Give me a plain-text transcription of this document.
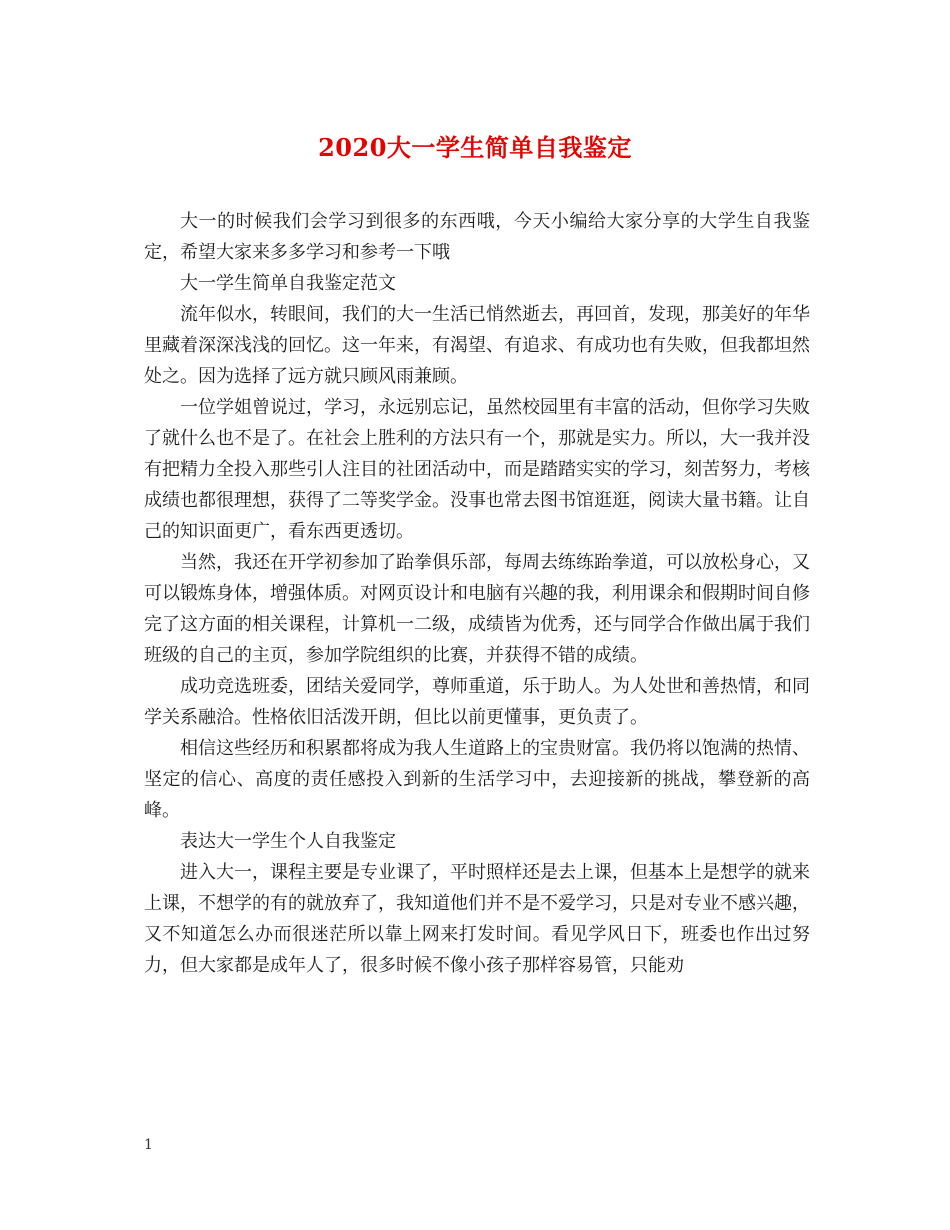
2020大一学生简单自我鉴定

大一的时候我们会学习到很多的东西哦，今天小编给大家分享的大学生自我鉴定，希望大家来多多学习和参考一下哦

大一学生简单自我鉴定范文

流年似水，转眼间，我们的大一生活已悄然逝去，再回首，发现，那美好的年华里藏着深深浅浅的回忆。这一年来，有渴望、有追求、有成功也有失败，但我都坦然处之。因为选择了远方就只顾风雨兼顾。

一位学姐曾说过，学习，永远别忘记，虽然校园里有丰富的活动，但你学习失败了就什么也不是了。在社会上胜利的方法只有一个，那就是实力。所以，大一我并没有把精力全投入那些引人注目的社团活动中，而是踏踏实实的学习，刻苦努力，考核成绩也都很理想，获得了二等奖学金。没事也常去图书馆逛逛，阅读大量书籍。让自己的知识面更广，看东西更透切。

当然，我还在开学初参加了跆拳俱乐部，每周去练练跆拳道，可以放松身心，又可以锻炼身体，增强体质。对网页设计和电脑有兴趣的我，利用课余和假期时间自修完了这方面的相关课程，计算机一二级，成绩皆为优秀，还与同学合作做出属于我们班级的自己的主页，参加学院组织的比赛，并获得不错的成绩。

成功竞选班委，团结关爱同学，尊师重道，乐于助人。为人处世和善热情，和同学关系融洽。性格依旧活泼开朗，但比以前更懂事，更负责了。

相信这些经历和积累都将成为我人生道路上的宝贵财富。我仍将以饱满的热情、坚定的信心、高度的责任感投入到新的生活学习中，去迎接新的挑战，攀登新的高峰。

表达大一学生个人自我鉴定

进入大一，课程主要是专业课了，平时照样还是去上课，但基本上是想学的就来上课，不想学的有的就放弃了，我知道他们并不是不爱学习，只是对专业不感兴趣，又不知道怎么办而很迷茫所以靠上网来打发时间。看见学风日下，班委也作出过努力，但大家都是成年人了，很多时候不像小孩子那样容易管，只能劝

1
